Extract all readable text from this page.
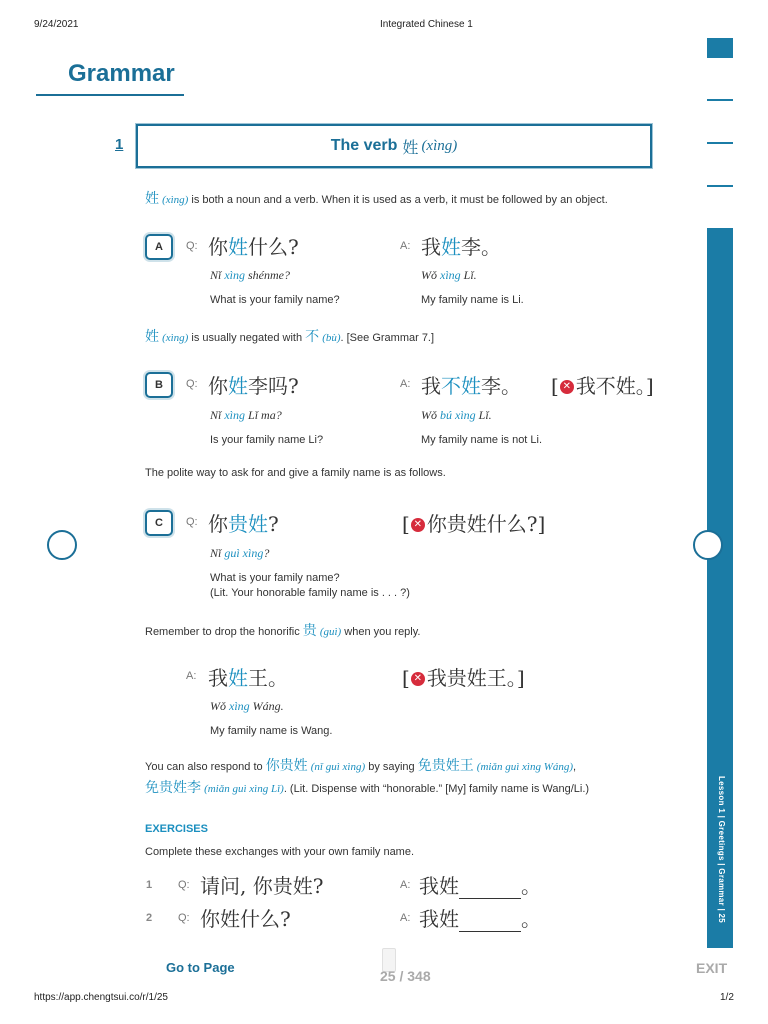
9/24/2021	Integrated Chinese 1
Lesson 1 | Greetings | Grammar | 25
Grammar
1	The verb 姓 (xìng)
姓 (xìng) is both a noun and a verb. When it is used as a verb, it must be followed by an object.
A	Q: 你姓什么?
Nǐ xìng shénme?
What is your family name?
A: 我姓李。
Wǒ xìng Lǐ.
My family name is Li.
姓 (xìng) is usually negated with 不 (bù). [See Grammar 7.]
B	Q: 你姓李吗?
Nǐ xìng Lǐ ma?
Is your family name Li?
A: 我不姓李。 [ ✕ 我不姓。]
Wǒ bú xìng Lǐ.
My family name is not Li.
The polite way to ask for and give a family name is as follows.
C	Q: 你贵姓?	[ ✕ 你贵姓什么?]
Nǐ guì xìng?
What is your family name?
(Lit. Your honorable family name is . . . ?)
Remember to drop the honorific 贵 (guì) when you reply.
A: 我姓王。	[ ✕ 我贵姓王。]
Wǒ xìng Wáng.
My family name is Wang.
You can also respond to 你贵姓 (nǐ guì xìng) by saying 免贵姓王 (miǎn guì xìng Wáng),
免贵姓李 (miǎn guì xìng Lǐ). (Lit. Dispense with “honorable.” [My] family name is Wang/Li.)
EXERCISES
Complete these exchanges with your own family name.
1 Q: 请问, 你贵姓?	A: 我姓	。
2 Q: 你姓什么?	A: 我姓	。
Go to Page
25 / 348	EXIT
https://app.chengtsui.co/r/1/25	1/2
